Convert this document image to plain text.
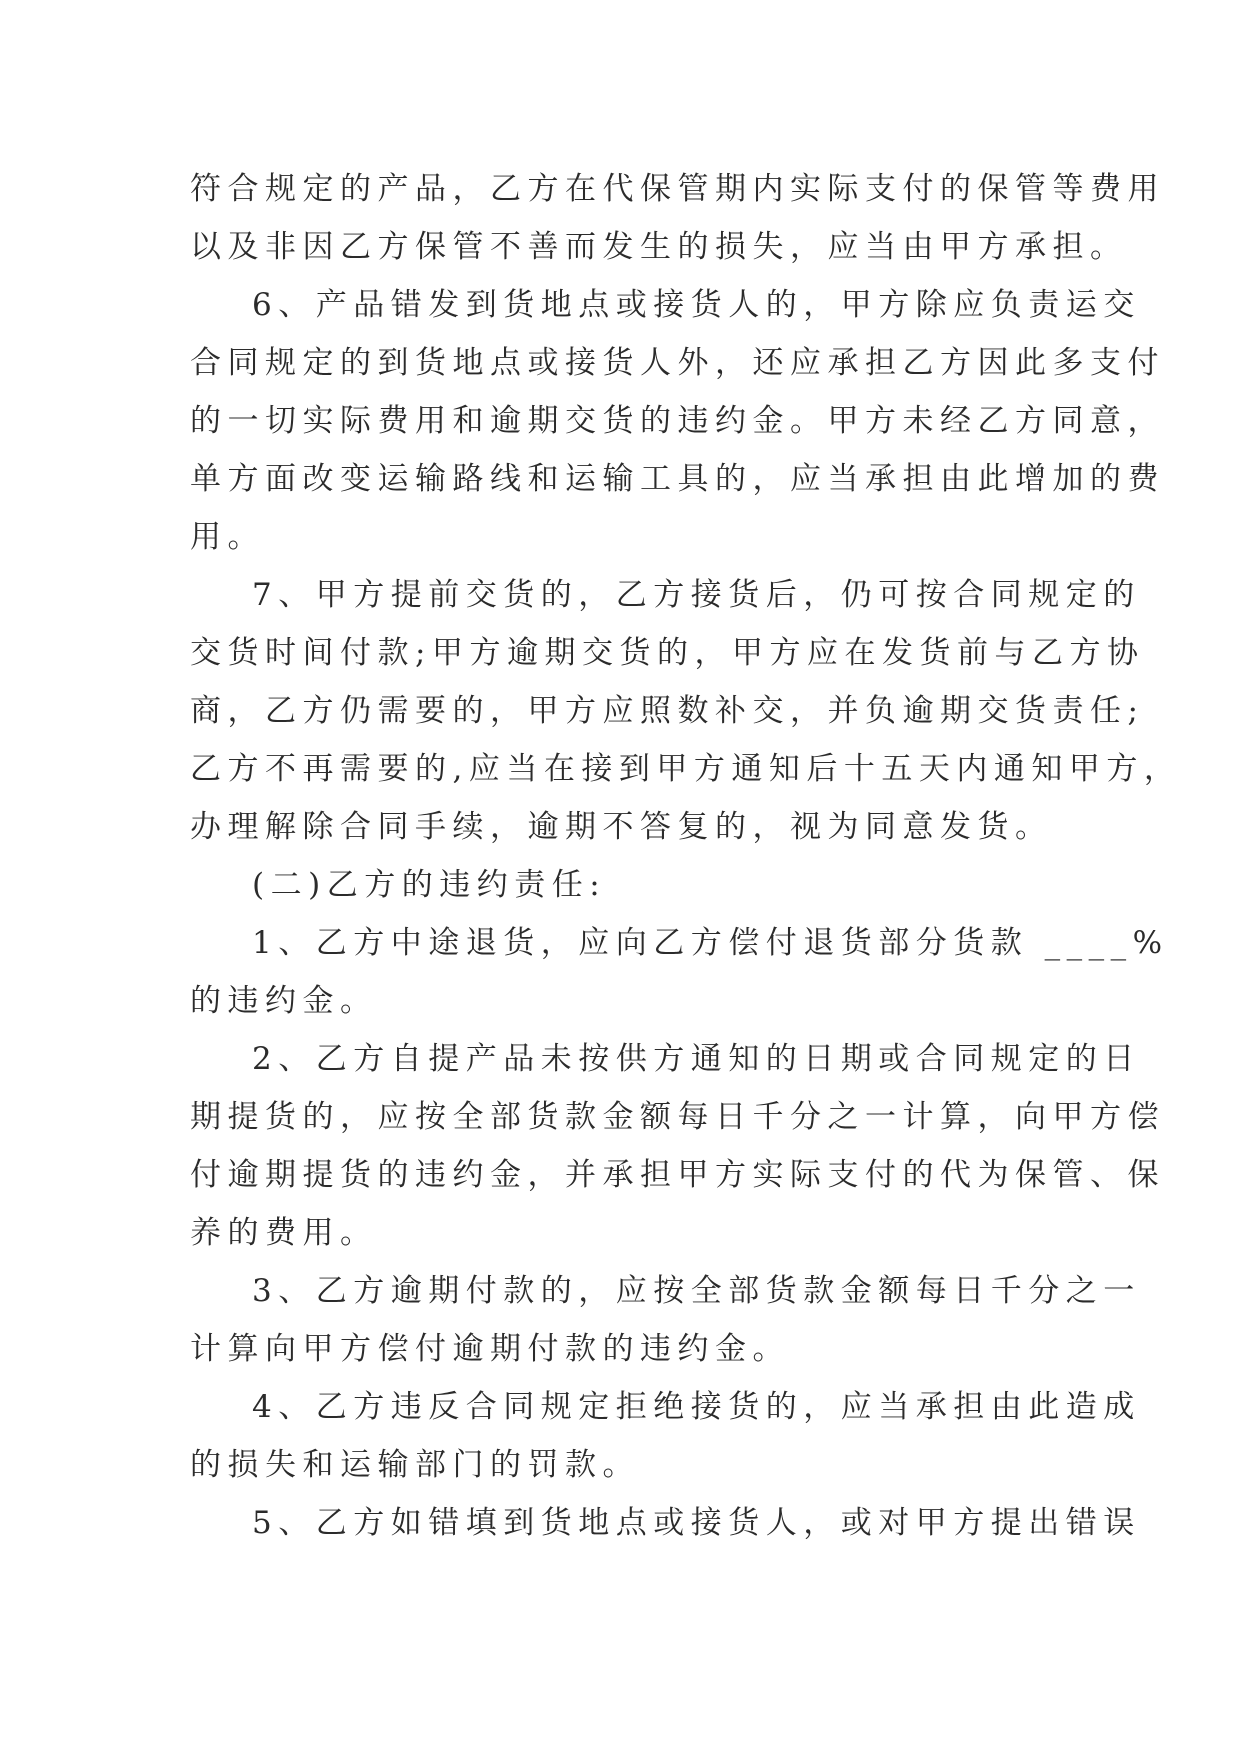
符合规定的产品，乙方在代保管期内实际支付的保管等费用
以及非因乙方保管不善而发生的损失，应当由甲方承担。
6、产品错发到货地点或接货人的，甲方除应负责运交
合同规定的到货地点或接货人外，还应承担乙方因此多支付
的一切实际费用和逾期交货的违约金。甲方未经乙方同意，
单方面改变运输路线和运输工具的，应当承担由此增加的费
用。
7、甲方提前交货的，乙方接货后，仍可按合同规定的
交货时间付款;甲方逾期交货的，甲方应在发货前与乙方协
商，乙方仍需要的，甲方应照数补交，并负逾期交货责任;
乙方不再需要的,应当在接到甲方通知后十五天内通知甲方，
办理解除合同手续，逾期不答复的，视为同意发货。
(二)乙方的违约责任:
1、乙方中途退货，应向乙方偿付退货部分货款 ____%
的违约金。
2、乙方自提产品未按供方通知的日期或合同规定的日
期提货的，应按全部货款金额每日千分之一计算，向甲方偿
付逾期提货的违约金，并承担甲方实际支付的代为保管、保
养的费用。
3、乙方逾期付款的，应按全部货款金额每日千分之一
计算向甲方偿付逾期付款的违约金。
4、乙方违反合同规定拒绝接货的，应当承担由此造成
的损失和运输部门的罚款。
5、乙方如错填到货地点或接货人，或对甲方提出错误
